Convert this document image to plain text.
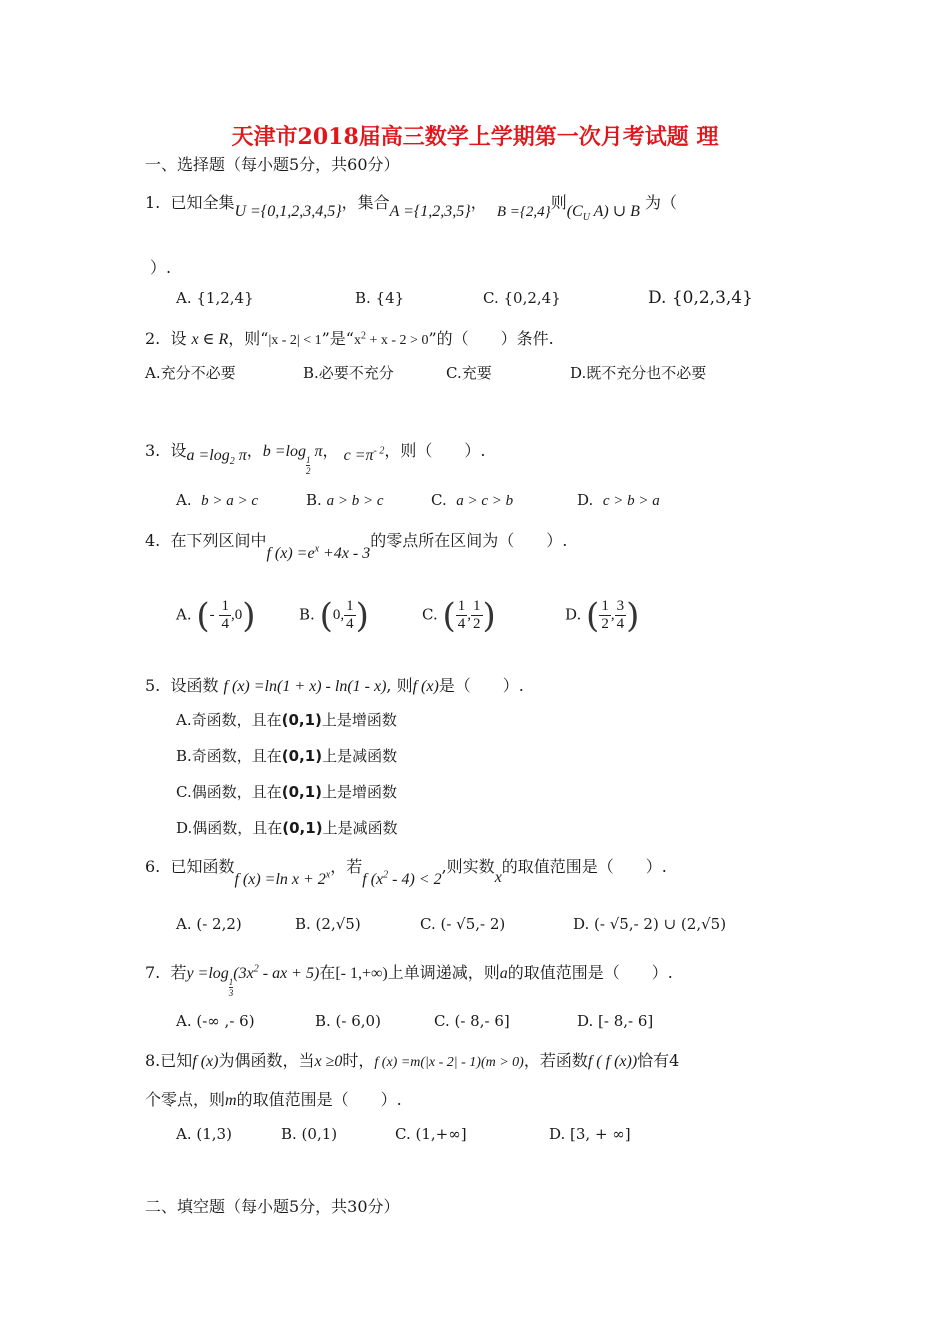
天津市2018届高三数学上学期第一次月考试题 理
一、选择题（每小题5分，共60分）
1. 已知全集U ={0,1,2,3,4,5}，集合A ={1,2,3,5}， B ={2,4}则($C_U$ A) ∪ B 为（
）.
A. {1,2,4}	B. {4}	C. {0,2,4}	D. {0,2,3,4}
2. 设 x ∈ R，则“|x - 2| < 1”是“$x^2 + x - 2 > 0$”的（　　）条件.
A.充分不必要	B.必要不充分	C.充要	D.既不充分也不必要
3. 设$a =\log_2$ π，b =log
$\frac{1}{2}$
π， $c =\pi^{- 2}$，则（　　）.
A. b > a > c	B. a > b > c	C. a > c > b	D. c > b > a
4. 在下列区间中f $(x) =e^x +4x - 3$的零点所在区间为（　　）.
A. (- $\frac{1}{4} ,0$)	B. (0, $\frac{1}{4}$ )	C. ( $\frac{1}{4}$ , $\frac{1}{2}$ )	D. ( $\frac{1}{2}$ , $\frac{3}{4}$ )
5. 设函数 f (x) =ln(1 + x) - ln(1 - x), 则f (x)是（　　）.
A.奇函数，且在(0,1)上是增函数
B.奇函数，且在(0,1)上是减函数
C.偶函数，且在(0,1)上是增函数
D.偶函数，且在(0,1)上是减函数
6. 已知函数f (x) =ln $x + 2^x$，若f $(x^2 - 4) < 2$,则实数x的取值范围是（　　）.
A. (- 2,2)	B. (2,√5)	C. (- √5,- 2)	D. (- √5,- 2) ∪ (2,√5)
7. 若y =log
$\frac{1}{3}$
($3x^2$ - ax + 5)在[- 1,+∞)上单调递减，则a的取值范围是（　　）.
A. (-∞ ,- 6)	B. (- 6,0)	C. (- 8,- 6]	D. [- 8,- 6]
8.已知f (x)为偶函数，当x ≥0时，f (x) =m(|x - 2| - 1)(m > 0)，若函数f ( f (x))恰有4
个零点，则m的取值范围是（　　）.
A. (1,3)	B. (0,1)	C. (1,+∞]	D. [3, + ∞]
二、填空题（每小题5分，共30分）
